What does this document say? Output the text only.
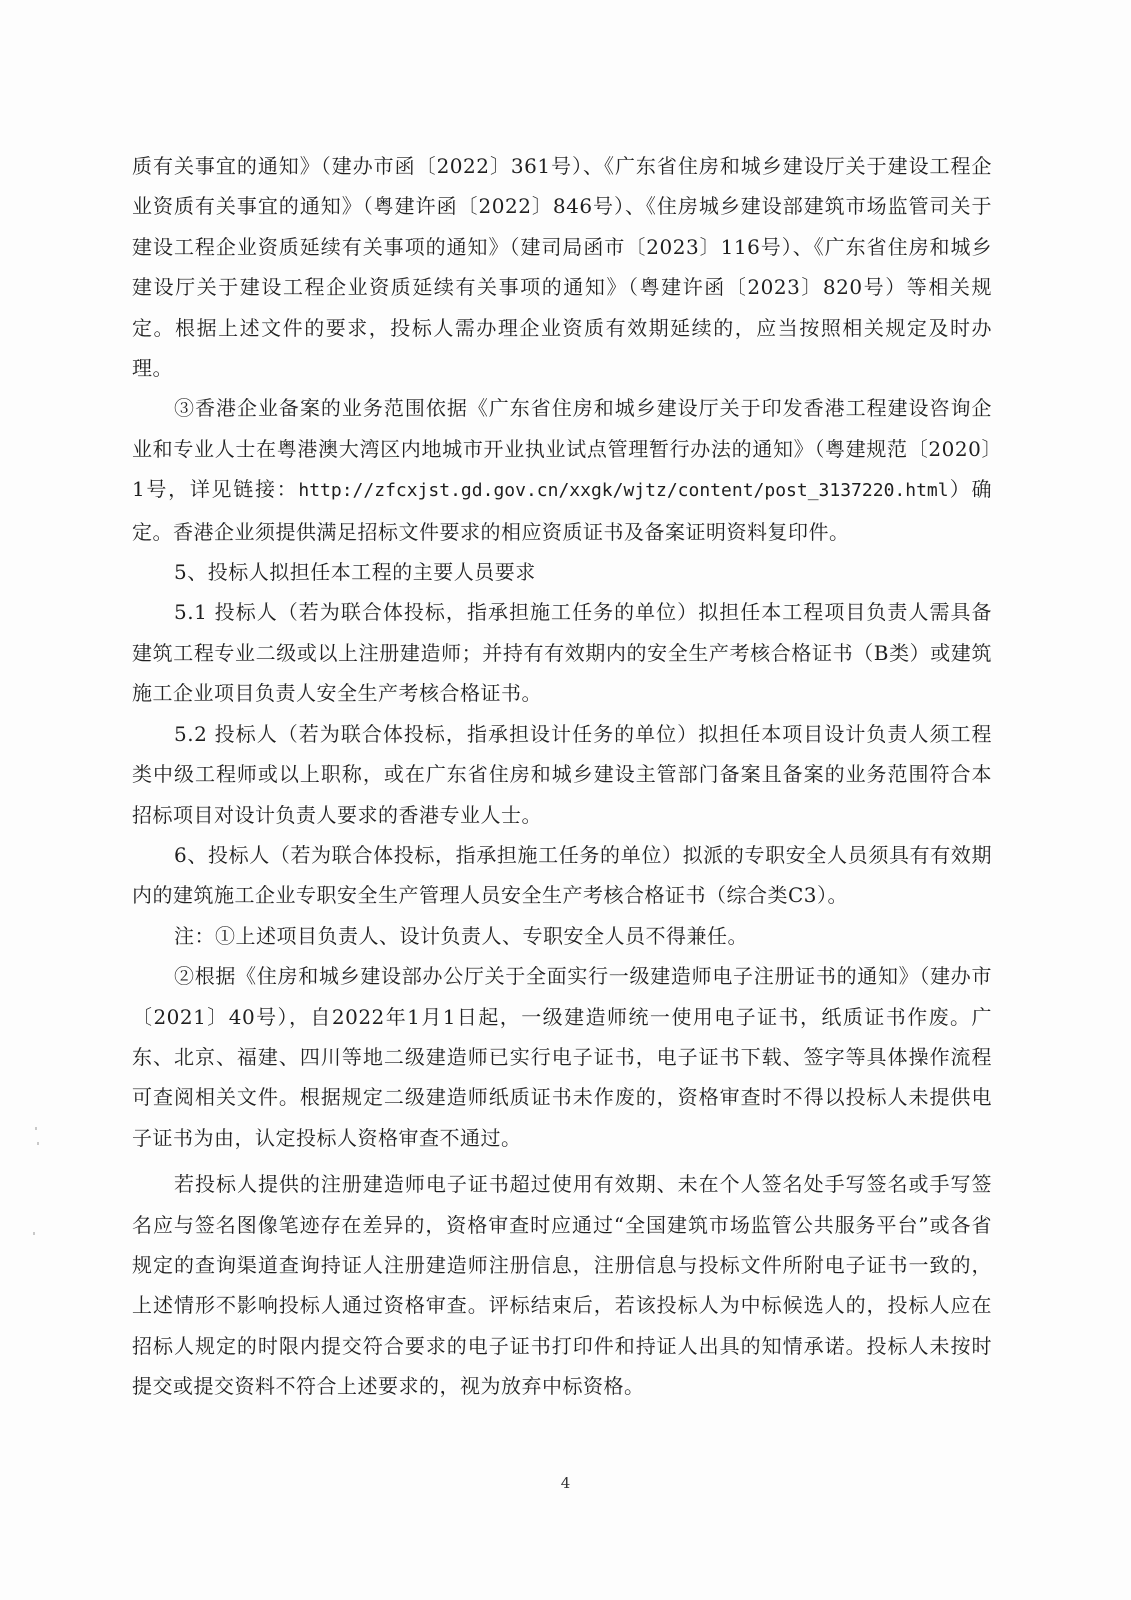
质有关事宜的通知》（建办市函〔2022〕361号）、《广东省住房和城乡建设厅关于建设工程企业资质有关事宜的通知》（粤建许函〔2022〕846号）、《住房城乡建设部建筑市场监管司关于建设工程企业资质延续有关事项的通知》（建司局函市〔2023〕116号）、《广东省住房和城乡建设厅关于建设工程企业资质延续有关事项的通知》（粤建许函〔2023〕820号）等相关规定。根据上述文件的要求，投标人需办理企业资质有效期延续的，应当按照相关规定及时办理。

③香港企业备案的业务范围依据《广东省住房和城乡建设厅关于印发香港工程建设咨询企业和专业人士在粤港澳大湾区内地城市开业执业试点管理暂行办法的通知》（粤建规范〔2020〕1号，详见链接：http://zfcxjst.gd.gov.cn/xxgk/wjtz/content/post_3137220.html）确定。香港企业须提供满足招标文件要求的相应资质证书及备案证明资料复印件。

5、投标人拟担任本工程的主要人员要求

5.1 投标人（若为联合体投标，指承担施工任务的单位）拟担任本工程项目负责人需具备建筑工程专业二级或以上注册建造师；并持有有效期内的安全生产考核合格证书（B类）或建筑施工企业项目负责人安全生产考核合格证书。

5.2 投标人（若为联合体投标，指承担设计任务的单位）拟担任本项目设计负责人须工程类中级工程师或以上职称，或在广东省住房和城乡建设主管部门备案且备案的业务范围符合本招标项目对设计负责人要求的香港专业人士。

6、投标人（若为联合体投标，指承担施工任务的单位）拟派的专职安全人员须具有有效期内的建筑施工企业专职安全生产管理人员安全生产考核合格证书（综合类C3）。

注：①上述项目负责人、设计负责人、专职安全人员不得兼任。

②根据《住房和城乡建设部办公厅关于全面实行一级建造师电子注册证书的通知》（建办市〔2021〕40号），自2022年1月1日起，一级建造师统一使用电子证书，纸质证书作废。广东、北京、福建、四川等地二级建造师已实行电子证书，电子证书下载、签字等具体操作流程可查阅相关文件。根据规定二级建造师纸质证书未作废的，资格审查时不得以投标人未提供电子证书为由，认定投标人资格审查不通过。

若投标人提供的注册建造师电子证书超过使用有效期、未在个人签名处手写签名或手写签名应与签名图像笔迹存在差异的，资格审查时应通过“全国建筑市场监管公共服务平台”或各省规定的查询渠道查询持证人注册建造师注册信息，注册信息与投标文件所附电子证书一致的，上述情形不影响投标人通过资格审查。评标结束后，若该投标人为中标候选人的，投标人应在招标人规定的时限内提交符合要求的电子证书打印件和持证人出具的知情承诺。投标人未按时提交或提交资料不符合上述要求的，视为放弃中标资格。

4
